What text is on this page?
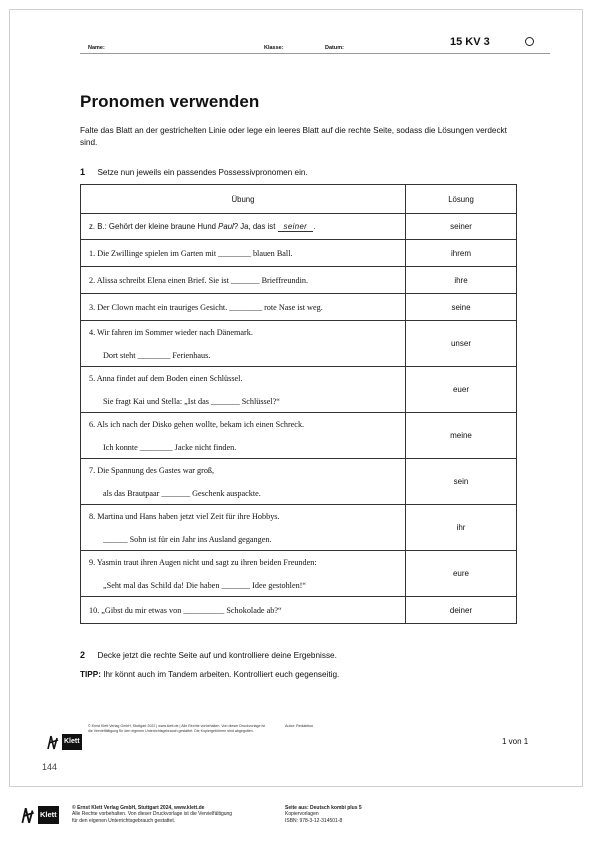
Name:	Klasse:	Datum:	15 KV 3
Pronomen verwenden
Falte das Blatt an der gestrichelten Linie oder lege ein leeres Blatt auf die rechte Seite, sodass die Lösungen verdeckt sind.
1 Setze nun jeweils ein passendes Possessivpronomen ein.
Übung	Lösung
z. B.: Gehört der kleine braune Hund Paul? Ja, das ist seiner .	seiner
1. Die Zwillinge spielen im Garten mit ________ blauen Ball.	ihrem
2. Alissa schreibt Elena einen Brief. Sie ist _______ Brieffreundin.	ihre
3. Der Clown macht ein trauriges Gesicht. ________ rote Nase ist weg.	seine
4. Wir fahren im Sommer wieder nach Dänemark.
Dort steht ________ Ferienhaus.	unser
5. Anna findet auf dem Boden einen Schlüssel.
Sie fragt Kai und Stella: „Ist das _______ Schlüssel?“	euer
6. Als ich nach der Disko gehen wollte, bekam ich einen Schreck.
Ich konnte ________ Jacke nicht finden.	meine
7. Die Spannung des Gastes war groß,
als das Brautpaar _______ Geschenk auspackte.	sein
8. Martina und Hans haben jetzt viel Zeit für ihre Hobbys.
______ Sohn ist für ein Jahr ins Ausland gegangen.	ihr
9. Yasmin traut ihren Augen nicht und sagt zu ihren beiden Freunden:
„Seht mal das Schild da! Die haben _______ Idee gestohlen!“	eure
10. „Gibst du mir etwas von __________ Schokolade ab?“	deiner
2 Decke jetzt die rechte Seite auf und kontrolliere deine Ergebnisse.
TIPP: Ihr könnt auch im Tandem arbeiten. Kontrolliert euch gegenseitig.
Klett
© Ernst Klett Verlag GmbH, Stuttgart 2022 | www.klett.de | Alle Rechte vorbehalten. Von dieser Druckvorlage ist die Vervielfältigung für den eigenen Unterrichtsgebrauch gestattet. Die Kopiergebühren sind abgegolten.
Autor: Redaktion
1 von 1
144
Klett
© Ernst Klett Verlag GmbH, Stuttgart 2024, www.klett.de
Alle Rechte vorbehalten. Von dieser Druckvorlage ist die Vervielfältigung
für den eigenen Unterrichtsgebrauch gestattet.
Seite aus: Deutsch kombi plus 5
Kopiervorlagen
ISBN: 978-3-12-314501-8
